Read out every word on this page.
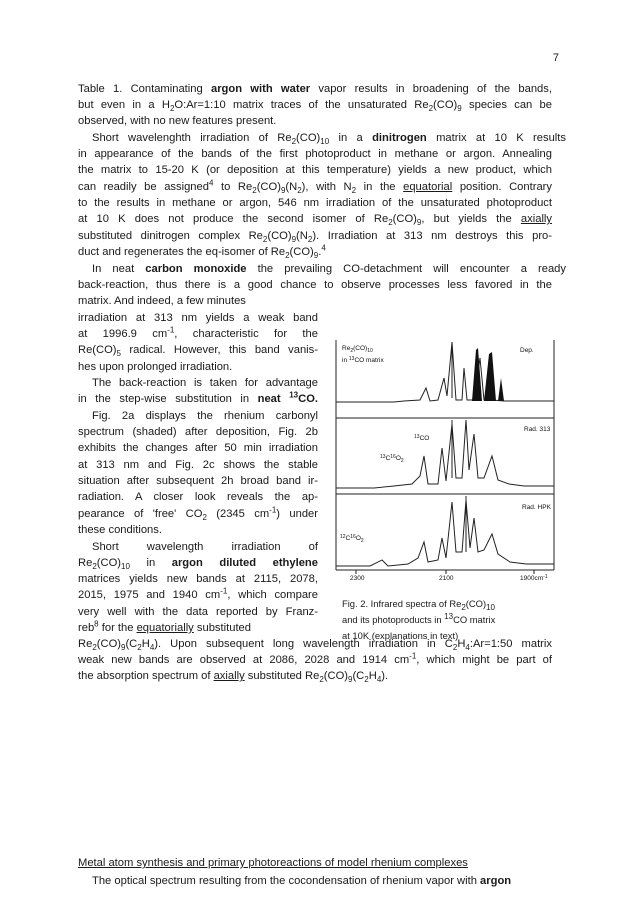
7
Table 1. Contaminating argon with water vapor results in broadening of the bands,
but even in a $H_2O:Ar=1:10$ matrix traces of the unsaturated $Re_2(CO)_9$ species can be
observed, with no new features present.
Short wavelenghth irradiation of $Re_2(CO)_{10}$ in a dinitrogen matrix at 10 K results
in appearance of the bands of the first photoproduct in methane or argon. Annealing
the matrix to 15-20 K (or deposition at this temperature) yields a new product, which
can readily be assigned$^4$ to $Re_2(CO)_9(N_2)$, with $N_2$ in the equatorial position. Contrary
to the results in methane or argon, 546 nm irradiation of the unsaturated photoproduct
at 10 K does not produce the second isomer of $Re_2(CO)_9$, but yields the axially
substituted dinitrogen complex $Re_2(CO)_9(N_2)$. Irradiation at 313 nm destroys this pro-
duct and regenerates the eq-isomer of $Re_2(CO)_9.^4$
In neat carbon monoxide the prevailing CO-detachment will encounter a ready
back-reaction, thus there is a good chance to observe processes less favored in the
matrix. And indeed, a few minutes
irradiation at 313 nm yields a weak band
at 1996.9 $cm^{-1}$, characteristic for the
$Re(CO)_5$ radical. However, this band vanis-
hes upon prolonged irradiation.
The back-reaction is taken for advantage
in the step-wise substitution in neat $^{13}$CO.
Fig. 2a displays the rhenium carbonyl
spectrum (shaded) after deposition, Fig. 2b
exhibits the changes after 50 min irradiation
at 313 nm and Fig. 2c shows the stable
situation after subsequent 2h broad band ir-
radiation. A closer look reveals the ap-
pearance of 'free' $CO_2$ (2345 $cm^{-1}$) under
these conditions.
Short wavelength irradiation of
$Re_2(CO)_{10}$ in argon diluted ethylene
matrices yields new bands at 2115, 2078,
2015, 1975 and 1940 $cm^{-1}$, which compare
very well with the data reported by Franz-
reb$^8$ for the equatorially substituted
$Re_2(CO)_9(C_2H_4)$. Upon subsequent long wavelength irradiation in $C_2H_4:Ar=1:50$ matrix
weak new bands are observed at 2086, 2028 and 1914 $cm^{-1}$, which might be part of
the absorption spectrum of axially substituted $Re_2(CO)_9(C_2H_4)$.
The optical spectrum resulting from the cocondensation of rhenium vapor with argon
$Re_2(CO)_{10}$
in $^{13}$CO matrix
Dep.
Rad. 313
$^{13}$CO
$^{13}C^{16}O_2$
Rad. HPK
$^{12}C^{16}O_2$
2300	2100	$1900cm^{-1}$
Fig. 2. Infrared spectra of $Re_2(CO)_{10}$
and its photoproducts in $^{13}$CO matrix
at 10K (explanations in text)
Metal atom synthesis and primary photoreactions of model rhenium complexes
